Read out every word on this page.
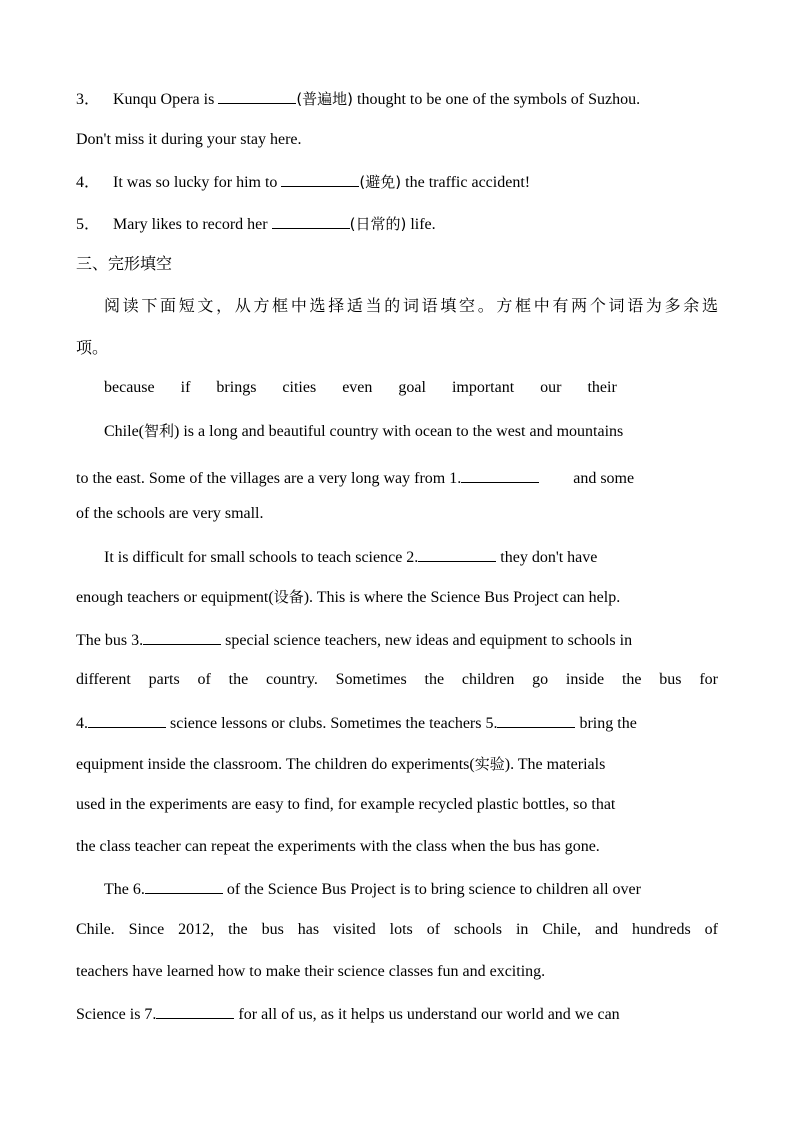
3． Kunqu Opera is	(普遍地) thought to be one of the symbols of Suzhou.
Don't miss it during your stay here.
4． It was so lucky for him to	(避免) the traffic accident!
5． Mary likes to record her	(日常的) life.
三、完形填空
阅读下面短文，从方框中选择适当的词语填空。方框中有两个词语为多余选
项。
because if brings cities even goal important our their
Chile(智利) is a long and beautiful country with ocean to the west and mountains
to the east. Some of the villages are a very long way from 1.	and some
of the schools are very small.
It is difficult for small schools to teach science 2.	they don't have
enough teachers or equipment(设备). This is where the Science Bus Project can help.
The bus 3.	special science teachers, new ideas and equipment to schools in
different parts of the country. Sometimes the children go inside the bus for
4.	science lessons or clubs. Sometimes the teachers 5.	bring the
equipment inside the classroom. The children do experiments(实验). The materials
used in the experiments are easy to find, for example recycled plastic bottles, so that
the class teacher can repeat the experiments with the class when the bus has gone.
The 6.	of the Science Bus Project is to bring science to children all over
Chile. Since 2012, the bus has visited lots of schools in Chile, and hundreds of
teachers have learned how to make their science classes fun and exciting.
Science is 7.	for all of us, as it helps us understand our world and we can
